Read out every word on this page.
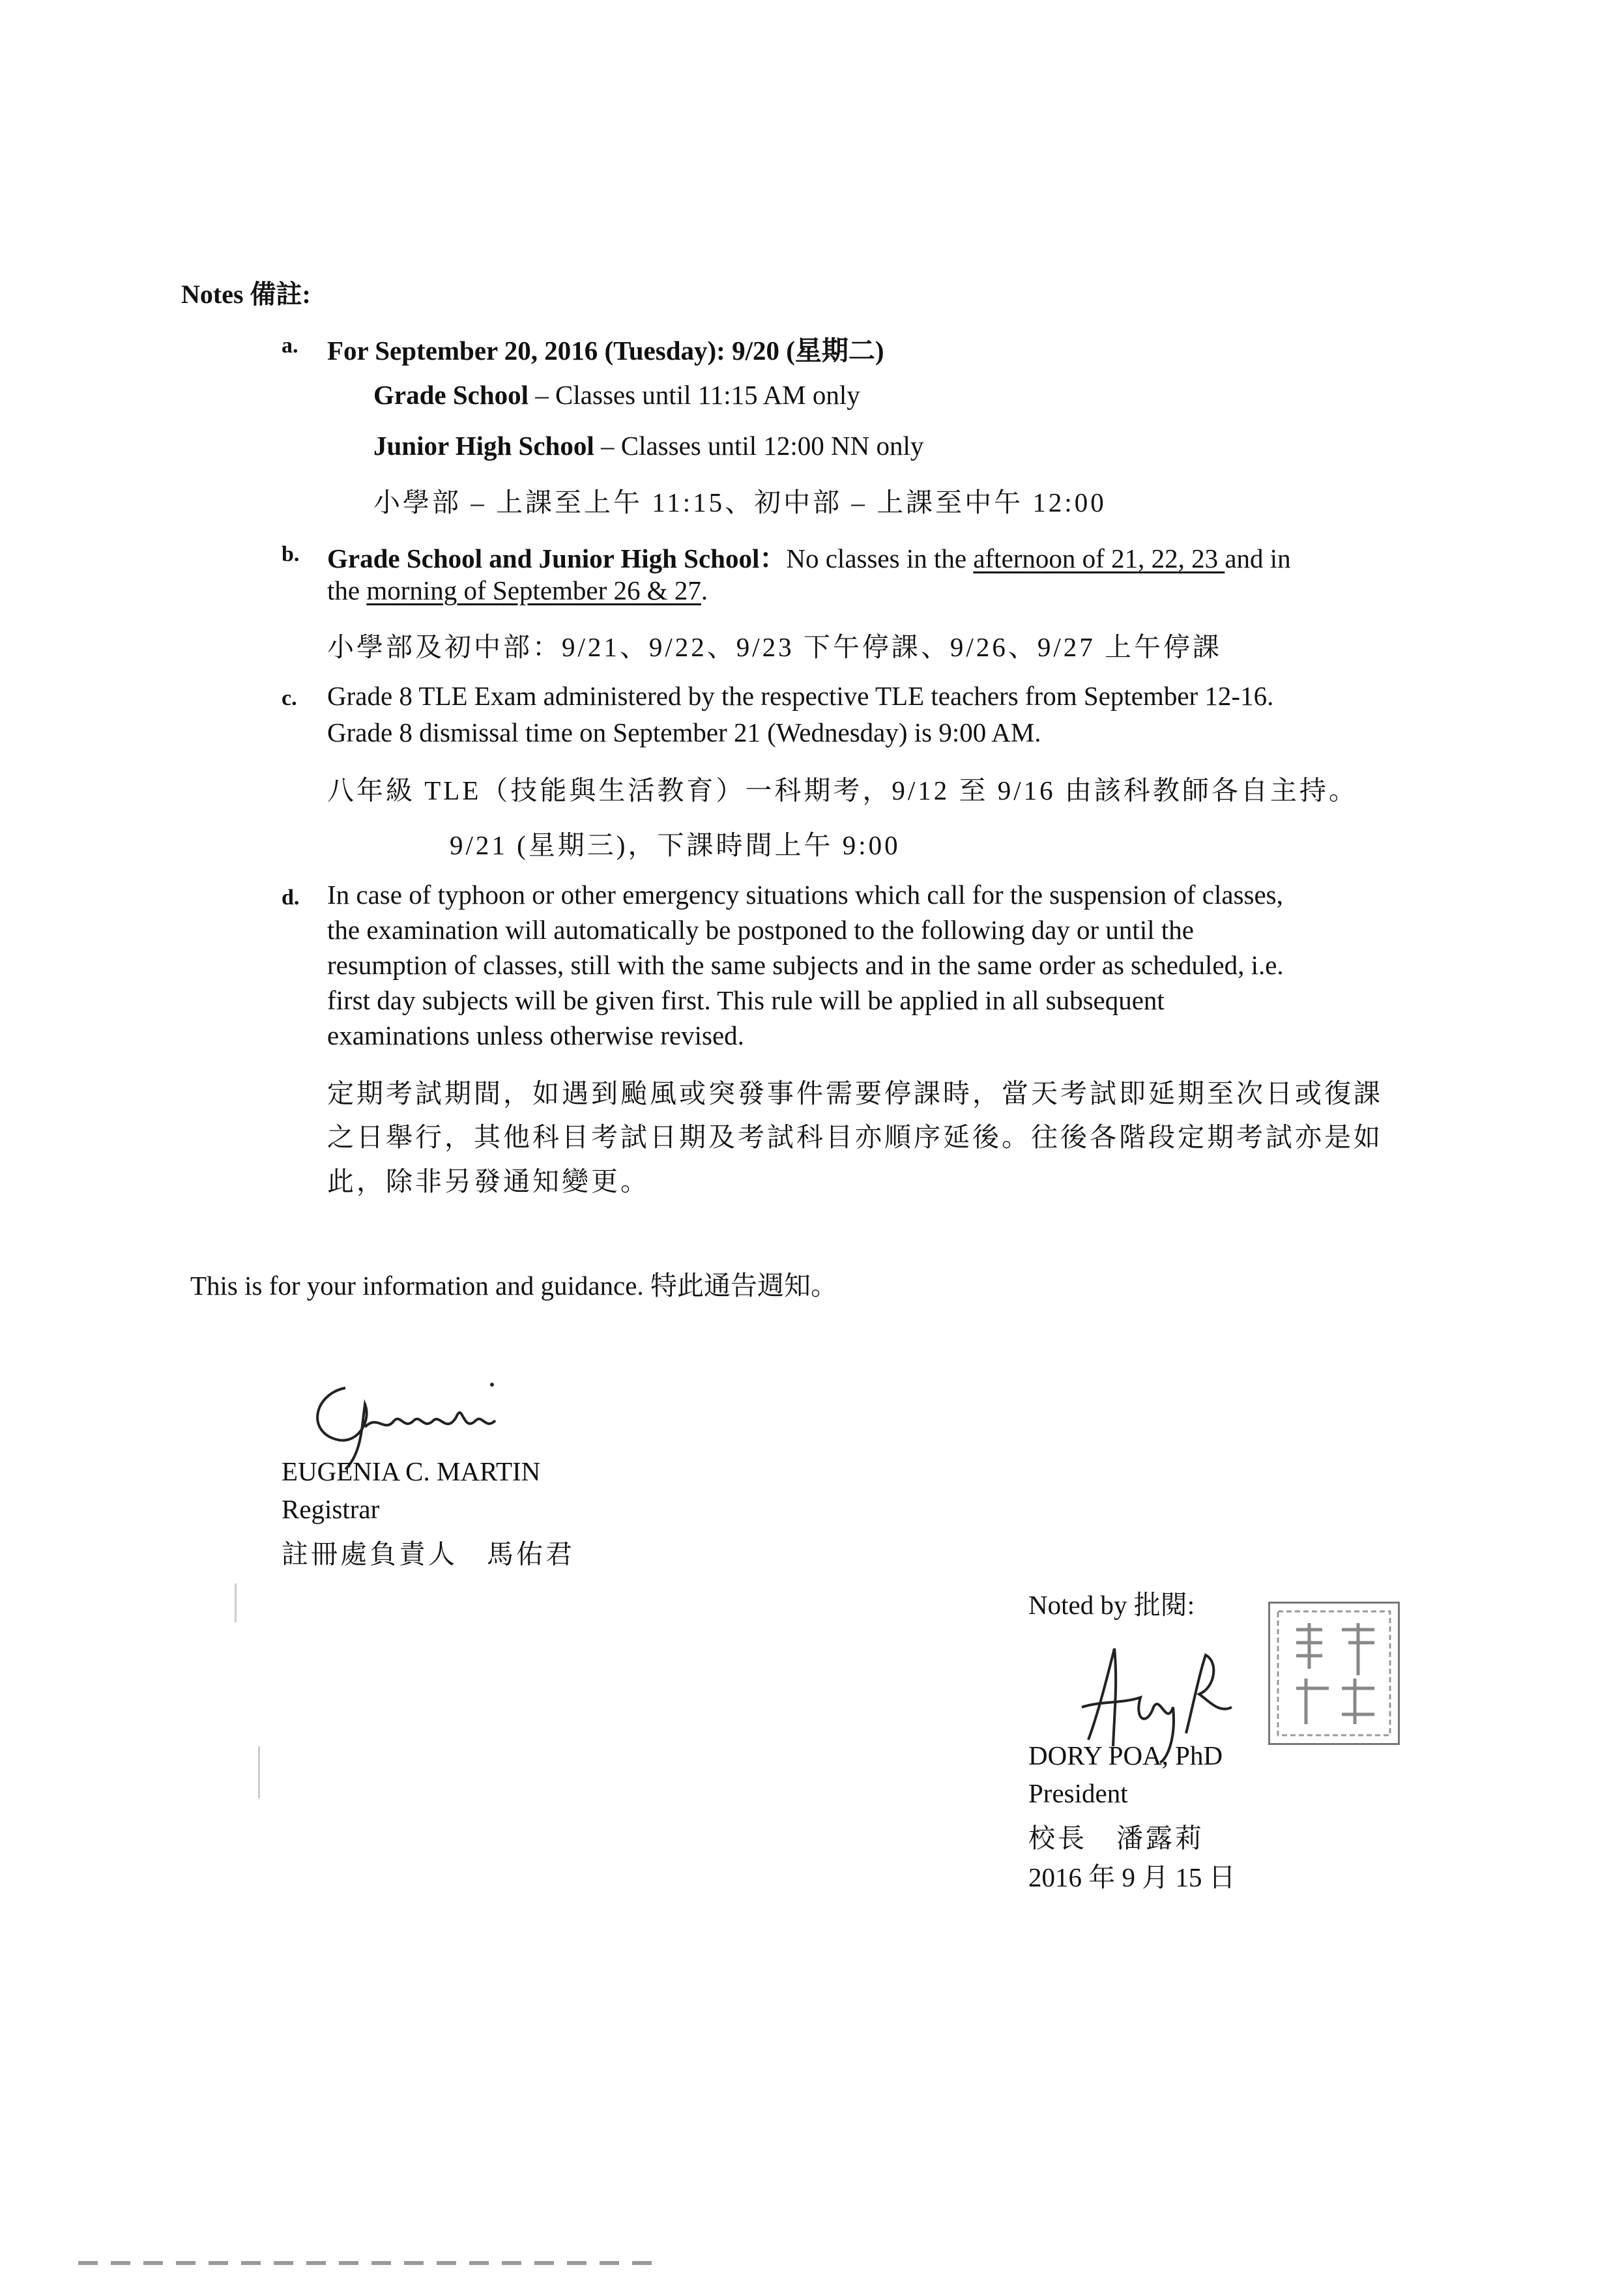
Notes 備註:
a. For September 20, 2016 (Tuesday): 9/20 (星期二)
Grade School – Classes until 11:15 AM only
Junior High School – Classes until 12:00 NN only
小學部 – 上課至上午 11:15、初中部 – 上課至中午 12:00
b. Grade School and Junior High School：No classes in the afternoon of 21, 22, 23 and in
the morning of September 26 & 27.
小學部及初中部：9/21、9/22、9/23 下午停課、9/26、9/27 上午停課
c. Grade 8 TLE Exam administered by the respective TLE teachers from September 12-16.
Grade 8 dismissal time on September 21 (Wednesday) is 9:00 AM.
八年級 TLE（技能與生活教育）一科期考，9/12 至 9/16 由該科教師各自主持。
9/21 (星期三)，下課時間上午 9:00
d. In case of typhoon or other emergency situations which call for the suspension of classes,
the examination will automatically be postponed to the following day or until the
resumption of classes, still with the same subjects and in the same order as scheduled, i.e.
first day subjects will be given first. This rule will be applied in all subsequent
examinations unless otherwise revised.
定期考試期間，如遇到颱風或突發事件需要停課時，當天考試即延期至次日或復課
之日舉行，其他科目考試日期及考試科目亦順序延後。往後各階段定期考試亦是如
此，除非另發通知變更。
This is for your information and guidance. 特此通告週知。
EUGENIA C. MARTIN
Registrar
註冊處負責人　馬佑君
Noted by 批閱:
DORY POA, PhD
President
校長　潘露莉
2016 年 9 月 15 日
